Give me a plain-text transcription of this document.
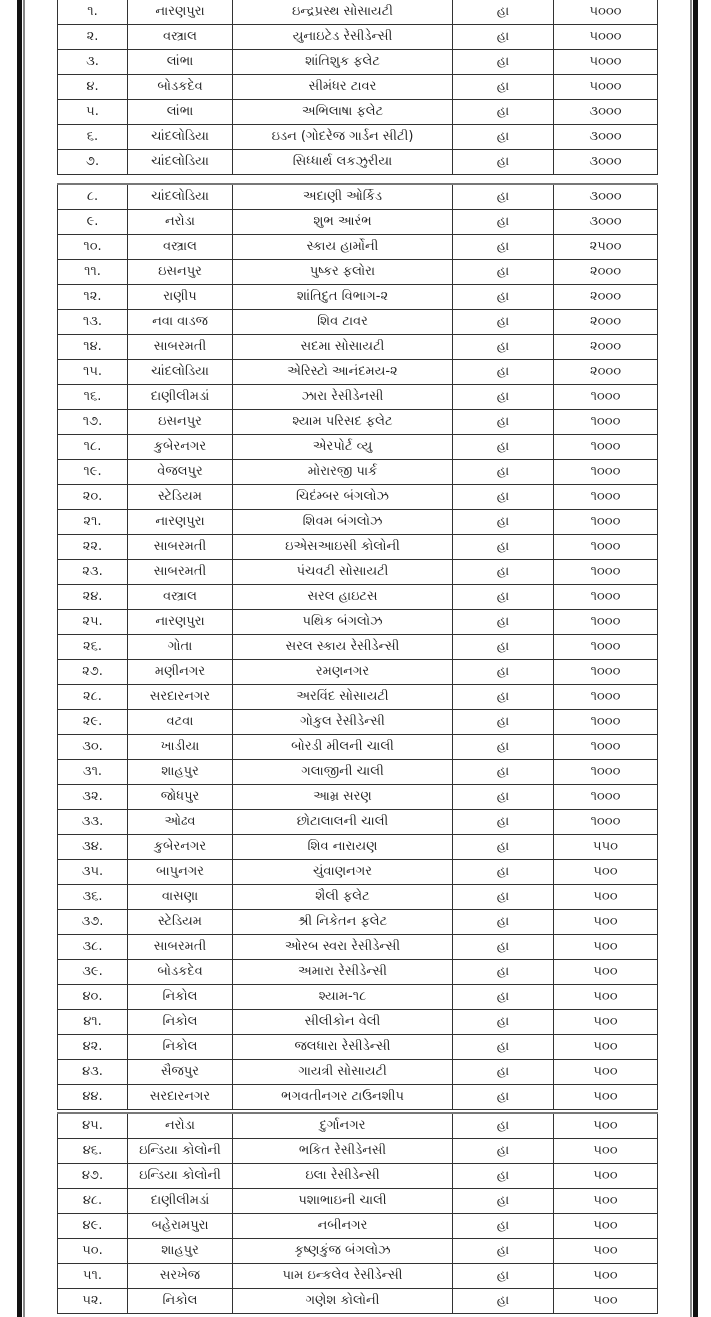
૧.	નારણપુરા	ઇન્દ્રપ્રસ્થ સોસાયટી	હા	૫૦૦૦
૨.	વસ્ત્રાલ	યુનાઇટેડ રેસીડેન્સી	હા	૫૦૦૦
૩.	લાંભા	શાંતિશુક ફલેટ	હા	૫૦૦૦
૪.	બોડકદેવ	સીમંધર ટાવર	હા	૫૦૦૦
૫.	લાંભા	અભિલાષા ફલેટ	હા	૩૦૦૦
૬.	ચાંદલોડિયા	ઇડન (ગોદરેજ ગાર્ડન સીટી)	હા	૩૦૦૦
૭.	ચાંદલોડિયા	સિધ્ધાર્થ લકઝુરીયા	હા	૩૦૦૦
૮.	ચાંદલોડિયા	અદાણી ઓર્કિડ	હા	૩૦૦૦
૯.	નરોડા	શુભ આરંભ	હા	૩૦૦૦
૧૦.	વસ્ત્રાલ	સ્કાય હાર્મોની	હા	૨૫૦૦
૧૧.	ઇસનપુર	પુષ્કર ફલોરા	હા	૨૦૦૦
૧૨.	રાણીપ	શાંતિદુત વિભાગ-૨	હા	૨૦૦૦
૧૩.	નવા વાડજ	શિવ ટાવર	હા	૨૦૦૦
૧૪.	સાબરમતી	સદમા સોસાયટી	હા	૨૦૦૦
૧૫.	ચાંદલોડિયા	એરિસ્ટો આનંદમય-૨	હા	૨૦૦૦
૧૬.	દાણીલીમડાં	ઝારા રેસીડેનસી	હા	૧૦૦૦
૧૭.	ઇસનપુર	શ્યામ પરિસદ ફલેટ	હા	૧૦૦૦
૧૮.	કુબેરનગર	એરપોર્ટ વ્યુ	હા	૧૦૦૦
૧૯.	વેજલપુર	મોરારજી પાર્ક	હા	૧૦૦૦
૨૦.	સ્ટેડિયમ	ચિદંમ્બર બંગલોઝ	હા	૧૦૦૦
૨૧.	નારણપુરા	શિવમ બંગલોઝ	હા	૧૦૦૦
૨૨.	સાબરમતી	ઇએસઆઇસી કોલોની	હા	૧૦૦૦
૨૩.	સાબરમતી	પંચવટી સોસાયટી	હા	૧૦૦૦
૨૪.	વસ્ત્રાલ	સરલ હાઇટસ	હા	૧૦૦૦
૨૫.	નારણપુરા	પથિક બંગલોઝ	હા	૧૦૦૦
૨૬.	ગોતા	સરલ સ્કાય રેસીડેન્સી	હા	૧૦૦૦
૨૭.	મણીનગર	રમણનગર	હા	૧૦૦૦
૨૮.	સરદારનગર	અરવિંદ સોસાયટી	હા	૧૦૦૦
૨૯.	વટવા	ગોકુલ રેસીડેન્સી	હા	૧૦૦૦
૩૦.	ખાડીયા	બોરડી મીલની ચાલી	હા	૧૦૦૦
૩૧.	શાહપુર	ગલાજીની ચાલી	હા	૧૦૦૦
૩૨.	જોધપુર	આમ્ર સરણ	હા	૧૦૦૦
૩૩.	ઓઢવ	છોટાલાલની ચાલી	હા	૧૦૦૦
૩૪.	કુબેરનગર	શિવ નારાયણ	હા	૫૫૦
૩૫.	બાપુનગર	ચુંવાણનગર	હા	૫૦૦
૩૬.	વાસણા	શૈલી ફલેટ	હા	૫૦૦
૩૭.	સ્ટેડિયમ	શ્રી નિકેતન ફલેટ	હા	૫૦૦
૩૮.	સાબરમતી	ઓરબ સ્વરા રેસીડેન્સી	હા	૫૦૦
૩૯.	બોડકદેવ	અમારા રેસીડેન્સી	હા	૫૦૦
૪૦.	નિકોલ	શ્યામ-૧૮	હા	૫૦૦
૪૧.	નિકોલ	સીલીકોન વેલી	હા	૫૦૦
૪૨.	નિકોલ	જલધારા રેસીડેન્સી	હા	૫૦૦
૪૩.	સૈજપુર	ગાયત્રી સોસાયટી	હા	૫૦૦
૪૪.	સરદારનગર	ભગવતીનગર ટાઉનશીપ	હા	૫૦૦
૪૫.	નરોડા	દુર્ગાનગર	હા	૫૦૦
૪૬.	ઇન્ડિયા કોલોની	ભકિત રેસીડેનસી	હા	૫૦૦
૪૭.	ઇન્ડિયા કોલોની	ઇલા રેસીડેન્સી	હા	૫૦૦
૪૮.	દાણીલીમડાં	પશાભાઇની ચાલી	હા	૫૦૦
૪૯.	બહેરામપુરા	નબીનગર	હા	૫૦૦
૫૦.	શાહપુર	કૃષ્ણકુંજ બંગલોઝ	હા	૫૦૦
૫૧.	સરખેજ	પામ ઇન્કલેવ રેસીડેન્સી	હા	૫૦૦
૫૨.	નિકોલ	ગણેશ કોલોની	હા	૫૦૦
